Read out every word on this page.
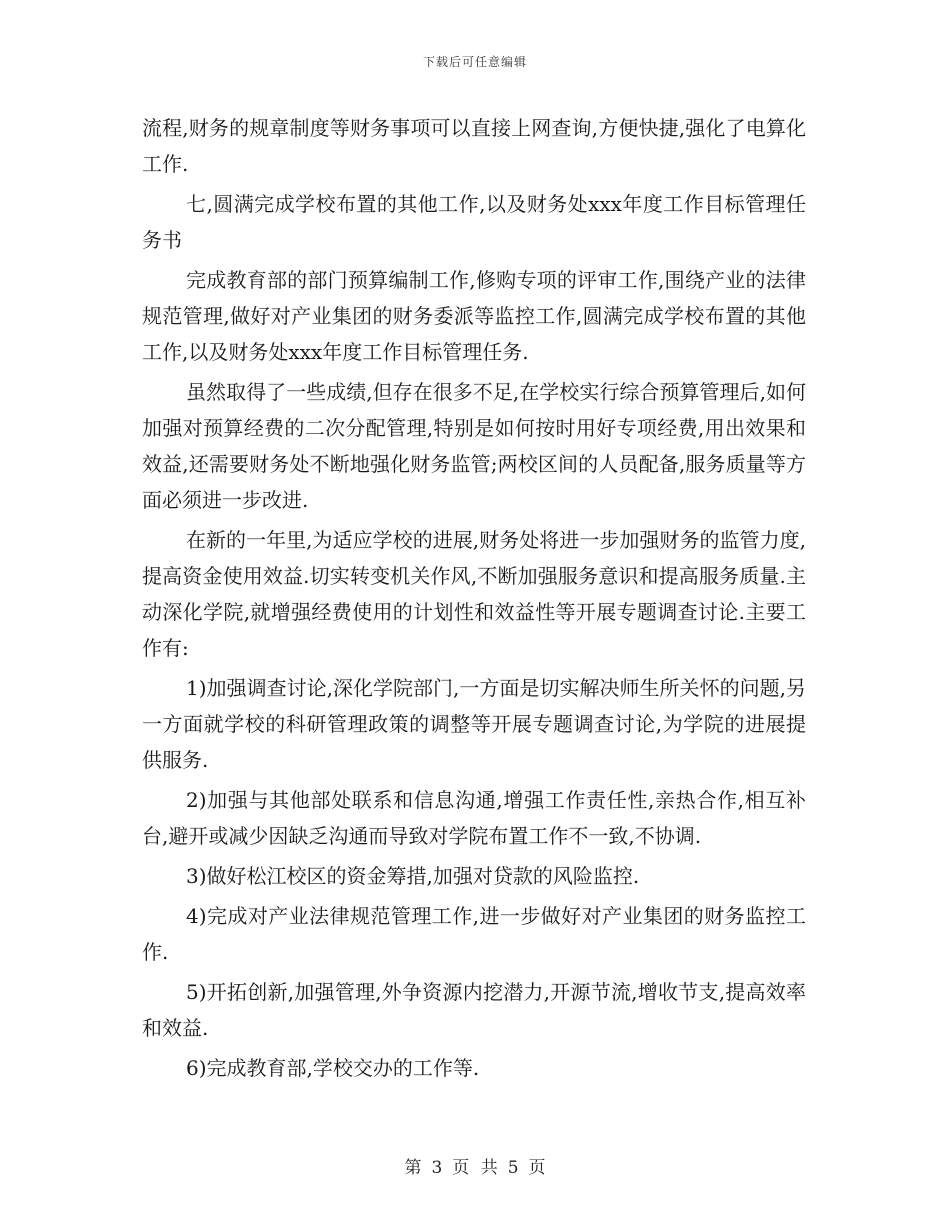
下载后可任意编辑

流程,财务的规章制度等财务事项可以直接上网查询,方便快捷,强化了电算化工作.

七,圆满完成学校布置的其他工作,以及财务处xxx年度工作目标管理任务书

完成教育部的部门预算编制工作,修购专项的评审工作,围绕产业的法律规范管理,做好对产业集团的财务委派等监控工作,圆满完成学校布置的其他工作,以及财务处xxx年度工作目标管理任务.

虽然取得了一些成绩,但存在很多不足,在学校实行综合预算管理后,如何加强对预算经费的二次分配管理,特别是如何按时用好专项经费,用出效果和效益,还需要财务处不断地强化财务监管;两校区间的人员配备,服务质量等方面必须进一步改进.

在新的一年里,为适应学校的进展,财务处将进一步加强财务的监管力度,提高资金使用效益.切实转变机关作风,不断加强服务意识和提高服务质量.主动深化学院,就增强经费使用的计划性和效益性等开展专题调查讨论.主要工作有:

1)加强调查讨论,深化学院部门,一方面是切实解决师生所关怀的问题,另一方面就学校的科研管理政策的调整等开展专题调查讨论,为学院的进展提供服务.

2)加强与其他部处联系和信息沟通,增强工作责任性,亲热合作,相互补台,避开或减少因缺乏沟通而导致对学院布置工作不一致,不协调.

3)做好松江校区的资金筹措,加强对贷款的风险监控.

4)完成对产业法律规范管理工作,进一步做好对产业集团的财务监控工作.

5)开拓创新,加强管理,外争资源内挖潜力,开源节流,增收节支,提高效率和效益.

6)完成教育部,学校交办的工作等.

第 3 页 共 5 页
